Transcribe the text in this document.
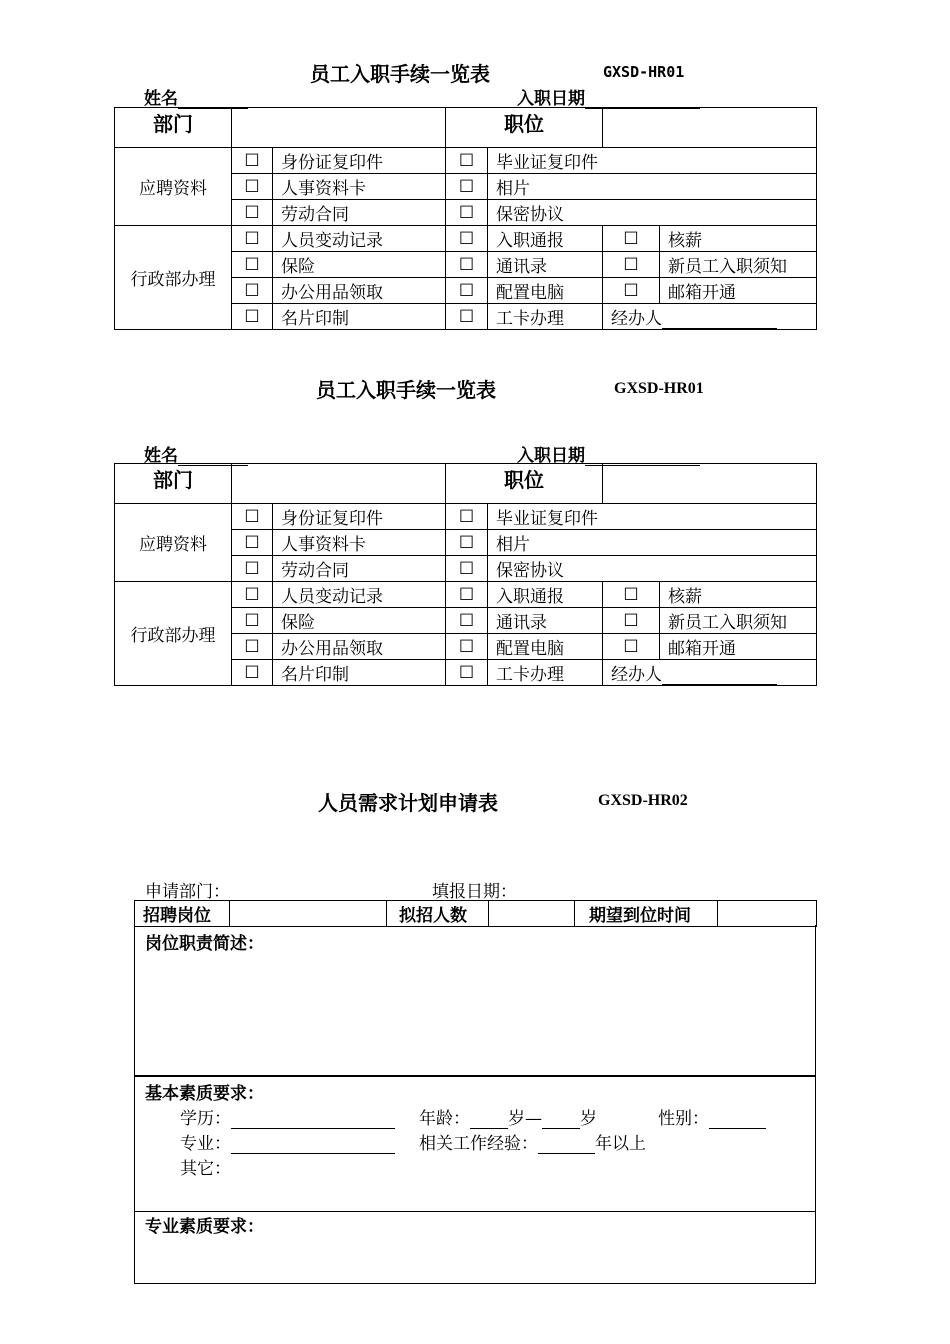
员工入职手续一览表	GXSD-HR01
姓名	入职日期
部门			职位			
应聘资料	☐	身份证复印件	☐	毕业证复印件		
	☐	人事资料卡	☐	相片		
	☐	劳动合同	☐	保密协议		
行政部办理	☐	人员变动记录	☐	入职通报	☐	核薪
	☐	保险	☐	通讯录	☐	新员工入职须知
	☐	办公用品领取	☐	配置电脑	☐	邮箱开通
	☐	名片印制	☐	工卡办理	经办人	
员工入职手续一览表	GXSD-HR01
姓名	入职日期
部门			职位			
应聘资料	☐	身份证复印件	☐	毕业证复印件		
	☐	人事资料卡	☐	相片		
	☐	劳动合同	☐	保密协议		
行政部办理	☐	人员变动记录	☐	入职通报	☐	核薪
	☐	保险	☐	通讯录	☐	新员工入职须知
	☐	办公用品领取	☐	配置电脑	☐	邮箱开通
	☐	名片印制	☐	工卡办理	经办人	
人员需求计划申请表	GXSD-HR02
申请部门：	填报日期：
招聘岗位		拟招人数		期望到位时间	
岗位职责简述：
基本素质要求：
学历：	年龄： 岁— 岁	性别：
专业：	相关工作经验：	年以上
其它：
专业素质要求：
